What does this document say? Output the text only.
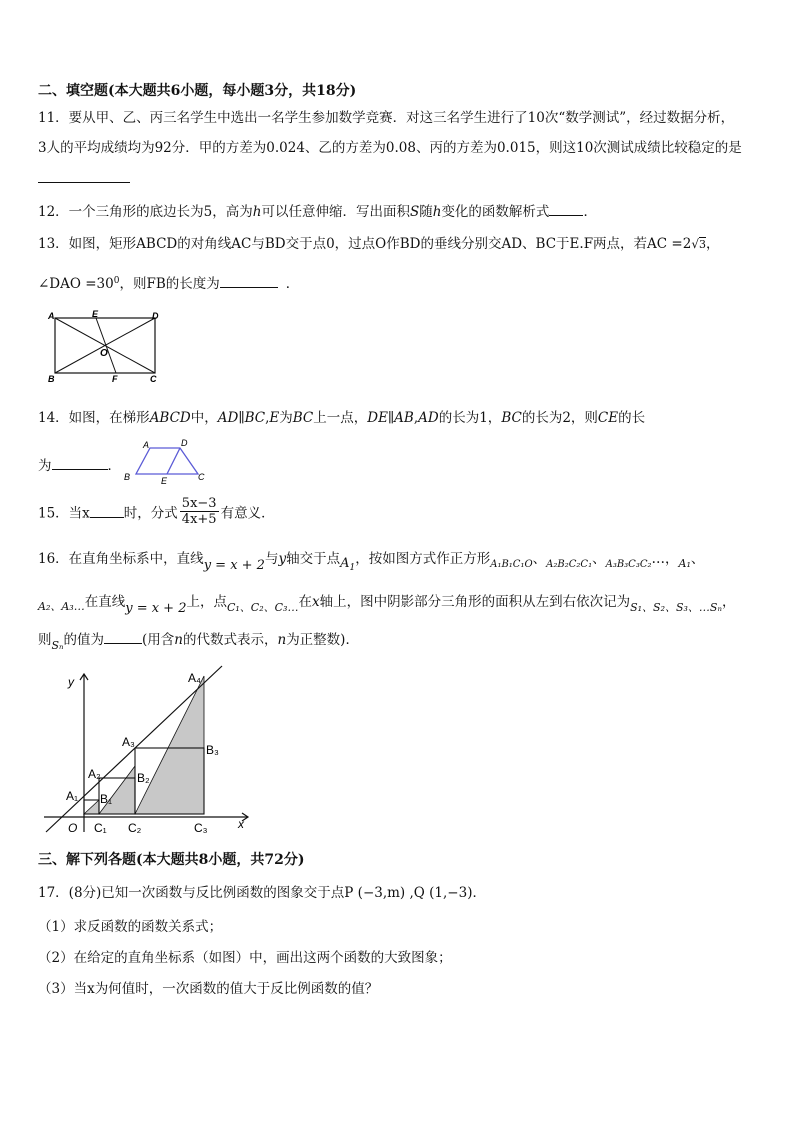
二、填空题(本大题共6小题，每小题3分，共18分)
11．要从甲、乙、丙三名学生中选出一名学生参加数学竞赛．对这三名学生进行了10次“数学测试”，经过数据分析，
3人的平均成绩均为92分．甲的方差为0.024、乙的方差为0.08、丙的方差为0.015，则这10次测试成绩比较稳定的是
12．一个三角形的底边长为5，高为h可以任意伸缩．写出面积S随h变化的函数解析式	．
13．如图，矩形ABCD的对角线AC与BD交于点0，过点O作BD的垂线分别交AD、BC于E.F两点，若AC =2√3，
∠DAO $=30^0$，则FB的长度为	．
A	E	D
O
B	F	C
14．如图，在梯形ABCD中，AD∥BC,E为BC上一点，DE∥AB,AD的长为1，BC的长为2，则CE的长
为	．
A	D
B	E	C
15．当x	时，分式 $\frac{5x-3}{4x+5}$ 有意义．
16．在直角坐标系中，直线y = x + 2与y轴交于点$A_1$，按如图方式作正方形$_{A_1B_1C_1O}$、$_{A_2B_2C_2C_1}$、$_{A_3B_3C_3C_2}$…，$_{A_1}$、
$_{A_2、A_3\dots}$在直线y = x + 2上，点$_{C_1、C_2、C_3\dots}$在x轴上，图中阴影部分三角形的面积从左到右依次记为$_{S_1、S_2、S_3、\dots S_n}$，
则$_{S_n}$的值为	(用含n的代数式表示，n为正整数)．
y
x
A₄
A₃
B₃
A₂	B₂
A₁ B₁
O C₁ C₂	C₃
三、解下列各题(本大题共8小题，共72分)
17．(8分)已知一次函数与反比例函数的图象交于点P (−3,m) ,Q (1,−3)．
（1）求反函数的函数关系式；
（2）在给定的直角坐标系（如图）中，画出这两个函数的大致图象；
（3）当x为何值时，一次函数的值大于反比例函数的值？
